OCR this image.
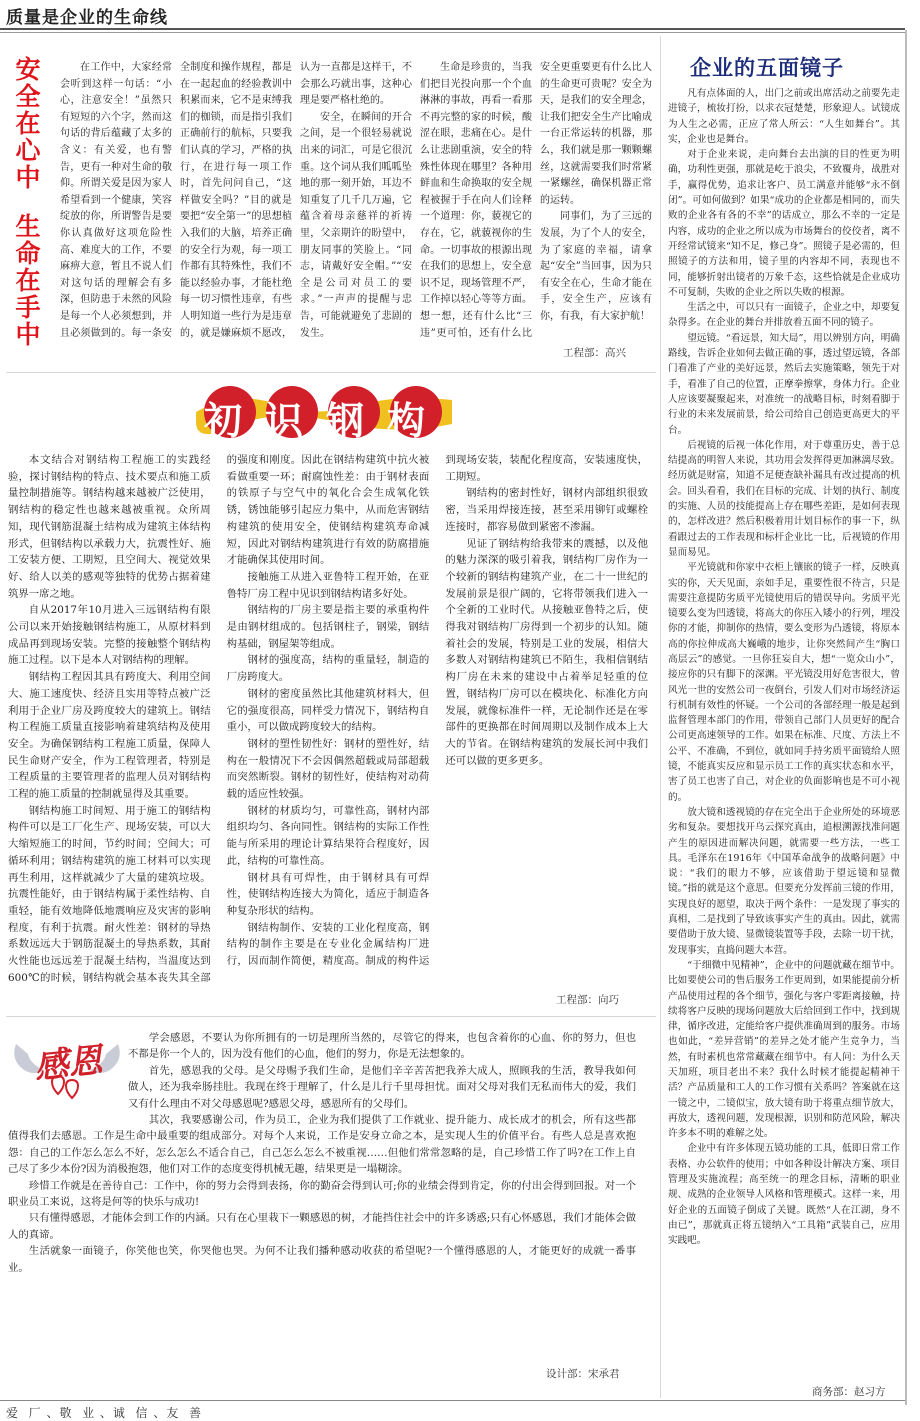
质量是企业的生命线
安全在心中
生命在手中

在工作中，大家经常会听到这样一句话：“小心，注意安全！”虽然只有短短的六个字，然而这句话的背后蕴藏了太多的含义：有关爱，也有警告，更有一种对生命的敬仰。所谓关爱是因为家人希望看到一个健康，笑容绽放的你，所谓警告是要你认真做好这项危险性高、难度大的工作，不要麻痹大意，暂且不说人们对这句话的理解会有多深，但防患于未然的风险是每一个人必须想到，并且必须做到的。每一条安全制度和操作规程，都是在一起起血的经验教训中积累而来，它不是束缚我们的枷锁，而是指引我们正确前行的航标，只要我们认真的学习，严格的执行，在进行每一项工作时，首先问问自己，“这样做安全吗？”目的就是要把“安全第一”的思想植入我们的大脑，培养正确的安全行为观，每一项工作都有其特殊性，我们不能以经验办事，才能杜绝每一切习惯性违章，有些人明知道一些行为是违章的，就是嫌麻烦不愿改，认为一直都是这样干，不会那么巧就出事，这种心理是要严格杜绝的。

安全，在瞬间的开合之间，是一个很轻易就说出来的词汇，可是它很沉重。这个词从我们呱呱坠地的那一刻开始，耳边不知重复了几千几万遍，它蕴含着母亲慈祥的祈祷里，父亲期许的盼望中，朋友同事的笑脸上。“同志，请戴好安全帽。”“安全是公司对员工的要求。”一声声的提醒与忠告，可能就避免了悲剧的发生。

生命是珍贵的，当我们把目光投向那一个个血淋淋的事故，再看一看那不再完整的家的时候，酸涩在眼，悲痛在心。是什么让悲剧重演，安全的特殊性体现在哪里？各种用鲜血和生命换取的安全规程被握于手在向人们诠释一个道理：你，藐视它的存在，它，就藐视你的生命。一切事故的根源出现在我们的思想上，安全意识不足，现场管理不严，工作掉以轻心等等方面。想一想，还有什么比“三违”更可怕，还有什么比安全更重要更有什么比人的生命更可贵呢？安全为天，是我们的安全理念，让我们把安全生产比喻成一台正常运转的机器，那么，我们就是那一颗颗螺丝，这就需要我们时常紧一紧螺丝，确保机器正常的运转。

同事们，为了三远的发展，为了个人的安全，为了家庭的幸福，请拿起“安全”当回事，因为只有安全在心，生命才能在手，安全生产，应该有你，有我，有大家护航！

工程部：高兴
初识钢构

本文结合对钢结构工程施工的实践经验，探讨钢结构的特点、技术要点和施工质量控制措施等。钢结构越来越被广泛使用，钢结构的稳定性也越来越被重视。众所周知，现代钢筋混凝土结构成为建筑主体结构形式，但钢结构以承载力大，抗震性好、施工安装方便、工期短，且空间大、视觉效果好、给人以美的感观等独特的优势占据着建筑界一席之地。

自从2017年10月进入三远钢结构有限公司以来开始接触钢结构施工，从原材料到成品再到现场安装。完整的接触整个钢结构施工过程。以下是本人对钢结构的理解。

钢结构工程因其具有跨度大、利用空间大、施工速度快、经济且实用等特点被广泛利用于企业厂房及跨度较大的建筑上。钢结构工程施工质量直接影响着建筑结构及使用安全。为确保钢结构工程施工质量，保障人民生命财产安全，作为工程管理者，特别是工程质量的主要管理者的监理人员对钢结构工程的施工质量的控制就显得及其重要。

钢结构施工时间短、用于施工的钢结构构件可以是工厂化生产、现场安装，可以大大缩短施工的时间，节约时间；空间大；可循环利用；钢结构建筑的施工材料可以实现再生利用，这样就减少了大量的建筑垃圾。抗震性能好，由于钢结构属于柔性结构、自重轻，能有效地降低地震响应及灾害的影响程度，有利于抗震。耐火性差：钢材的导热系数远远大于钢筋混凝土的导热系数，其耐火性能也远远差于混凝土结构，当温度达到600℃的时候，钢结构就会基本丧失其全部的强度和刚度。因此在钢结构建筑中抗火被看做重要一环；耐腐蚀性差：由于钢材表面的铁原子与空气中的氧化合会生成氧化铁锈，锈蚀能够引起应力集中，从而危害钢结构建筑的使用安全，使钢结构建筑寿命减短，因此对钢结构建筑进行有效的防腐措施才能确保其使用时间。

接触施工从进入亚鲁特工程开始，在亚鲁特厂房工程中见识到钢结构诸多好处。

钢结构的厂房主要是指主要的承重构件是由钢材组成的。包括钢柱子，钢梁，钢结构基础，钢屋架等组成。

钢材的强度高，结构的重量轻，制造的厂房跨度大。

钢材的密度虽然比其他建筑材料大，但它的强度很高，同样受力情况下，钢结构自重小，可以做成跨度较大的结构。

钢材的塑性韧性好：钢材的塑性好，结构在一般情况下不会因偶然超载或局部超载而突然断裂。钢材的韧性好，使结构对动荷载的适应性较强。

钢材的材质均匀，可靠性高，钢材内部组织均匀、各向同性。钢结构的实际工作性能与所采用的理论计算结果符合程度好，因此，结构的可靠性高。

钢材具有可焊性，由于钢材具有可焊性，使钢结构连接大为简化，适应于制造各种复杂形状的结构。

钢结构制作、安装的工业化程度高，钢结构的制作主要是在专业化金属结构厂进行，因而制作简便，精度高。制成的构件运到现场安装，装配化程度高，安装速度快，工期短。

钢结构的密封性好，钢材内部组织很致密，当采用焊接连接，甚至采用铆钉或螺栓连接时，都容易做到紧密不渗漏。

见证了钢结构给我带来的震撼，以及他的魅力深深的吸引着我，钢结构厂房作为一个较新的钢结构建筑产业，在二十一世纪的发展前景是很广阔的，它将带领我们进入一个全新的工业时代。从接触亚鲁特之后，使得我对钢结构厂房得到一个初步的认知。随着社会的发展，特别是工业的发展，相信大多数人对钢结构建筑已不陌生，我相信钢结构厂房在未来的建设中占着举足轻重的位置，钢结构厂房可以在模块化、标准化方向发展，就像标准件一样，无论制作还是在零部件的更换都在时间周期以及制作成本上大大的节省。在钢结构建筑的发展长河中我们还可以做的更多更多。

工程部：向巧
感恩

学会感恩，不要认为你所拥有的一切是理所当然的，尽管它的得来，也包含着你的心血、你的努力，但也不都是你一个人的，因为没有他们的心血，他们的努力，你是无法想象的。

首先，感恩我的父母。是父母赐予我们生命，是他们辛辛苦苦把我养大成人，照顾我的生活，教导我如何做人，还为我牵肠挂肚。我现在终于理解了，什么是儿行千里母担忧。面对父母对我们无私而伟大的爱，我们又有什么理由不对父母感恩呢?感恩父母，感恩所有的父母们。

其次，我要感谢公司，作为员工，企业为我们提供了工作就业、提升能力、成长成才的机会，所有这些都值得我们去感恩。工作是生命中最重要的组成部分。对每个人来说，工作是安身立命之本，是实现人生的价值平台。有些人总是喜欢抱怨：自己的工作怎么怎么不好，怎么怎么不适合自己，自己怎么怎么不被重视……但他们常常忽略的是，自己珍惜工作了吗?在工作上自己尽了多少本份?因为消极抱怨，他们对工作的态度变得机械无趣，结果更是一塌糊涂。

珍惜工作就是在善待自己：工作中，你的努力会得到表扬，你的勤奋会得到认可;你的业绩会得到肯定，你的付出会得到回报。对一个职业员工来说，这将是何等的快乐与成功!

只有懂得感恩，才能体会到工作的内涵。只有在心里栽下一颗感恩的树，才能挡住社会中的许多诱惑;只有心怀感恩，我们才能体会做人的真谛。

生活就象一面镜子，你笑他也笑，你哭他也哭。为何不让我们播种感动收获的希望呢?一个懂得感恩的人，才能更好的成就一番事业。

设计部：宋承君
企业的五面镜子

凡有点体面的人，出门之前或出席活动之前要先走进镜子，梳妆打扮，以求衣冠楚楚，形象迎人。试镜成为人生之必需，正应了常人所云：“人生如舞台”。其实，企业也是舞台。

对于企业来说，走向舞台去出演的目的性更为明确，功利性更强，那就是屹于浪尖，不致覆舟，战胜对手，赢得优势，追求让客户、员工满意并能够“永不倒闭”。可如何做到？如果“成功的企业都是相同的，而失败的企业各有各的不幸”的话成立，那么不幸的一定是内容，成功的企业之所以成为市场舞台的佼佼者，离不开经常试镜来“知不足，修己身”。照镜子是必需的，但照镜子的方法和用，镜子里的内容却不同，表现也不同，能够折射出镜者的万象千态，这些恰就是企业成功不可复制，失败的企业之所以失败的根源。

生活之中，可以只有一面镜子，企业之中，却要复杂得多。在企业的舞台并排放着五面不同的镜子。

望远镜。“看远景，知大局”，用以辨别方向，明确路线，告诉企业如何去做正确的事，透过望远镜，各部门看准了产业的美好远景，然后去实施策略，领先于对手，看准了自己的位置，正摩拳擦掌，身体力行。企业人应该要凝聚起来，对准统一的战略目标，时刻看脚于行业的未来发展前景，给公司给自己创造更高更大的平台。

后视镜的后视一体化作用，对于尊重历史，善于总结提高的明智人来说，其功用会发挥得更加淋漓尽致。经历就是财富，知道不足便查缺补漏具有改过提高的机会。回头看看，我们在目标的完成、计划的执行、制度的实施、人员的技能提高上存在哪些差距，是如何表现的，怎样改进？然后积极着用计划目标作的事一下，纵看跟过去的工作表现和标杆企业比一比，后视镜的作用显而易见。

平光镜就和你家中衣柜上镶嵌的镜子一样，反映真实的你，天天见面，亲如手足，重要性很不待言，只是需要注意提防劣质平光镜使用后的错误导向。劣质平光镜要么变为凹透镜，将高大的你压入矮小的行列，埋没你的才能，抑制你的热情，要么变形为凸透镜，将原本高的你拉伸成高大巍峨的地步，让你突然间产生“胸口高层云”的感觉。一旦你狂妄自大，想“一览众山小”，接应你的只有脚下的深渊。平光镜没用好危害很大，曾风光一世的安然公司一夜倒台，引发人们对市场经济运行机制有效性的怀疑。一个公司的各部经理一般是起到监督管理本部门的作用，带领自己部门人员更好的配合公司更高速领导的工作。如果在标准、尺度、方法上不公平、不准确，不到位，就如同手持劣质平面镜给人照镜，不能真实反应和显示员工工作的真实状态和水平，害了员工也害了自己，对企业的负面影响也是不可小视的。

放大镜和透视镜的存在完全出于企业所处的环境恶劣和复杂。要想找开乌云探究真由，追根溯源找准问题产生的原因进而解决问题，就需要一些方法，一些工具。毛泽东在1916年《中国革命战争的战略问题》中说：“我们的眼力不够，应该借助于望远镜和显微镜。”指的就是这个意思。但要充分发挥前三镜的作用，实现良好的愿望，取决于两个条件：一是发现了事实的真相，二是找到了导致该事实产生的真由。因此，就需要借助于放大镜、显微镜装置等手段，去除一切干扰，发现事实，直捣问题大本营。

“于细微中见精神”，企业中的问题就藏在细节中。比如要使公司的售后服务工作更周到，如果能提前分析产品使用过程的各个细节，强化与客户零距离接触，持续将客户反映的现场问题放大后给回到工作中，找到规律，循序改进，定能给客户提供准确周到的服务。市场也如此，“差异营销”的差异之处才能产生竞争力，当然，有时素机也常常藏藏在细节中。有人问：为什么天天加班，项目老出不来？我什么时候才能提起精神干活？产品质量和工人的工作习惯有关系吗？答案就在这一镜之中，二镜似宝，放大镜有助于将重点细节放大，再放大，透视问题，发现根源，识别和防范风险，解决许多本不明的难解之处。

企业中有许多体现五镜功能的工具，低即日常工作表格、办公软件的使用；中如各种设计解决方案、项目管理及实施流程；高至统一的理念目标，清晰的职业规、成熟的企业领导人风格和管理模式。这样一来，用好企业的五面镜子倒成了关键。既然“人在江湖，身不由已”，那就真正将五镜纳入“工具箱”武装自己，应用实践吧。

商务部：赵习方
爱  厂 、敬  业 、诚  信 、友  善
